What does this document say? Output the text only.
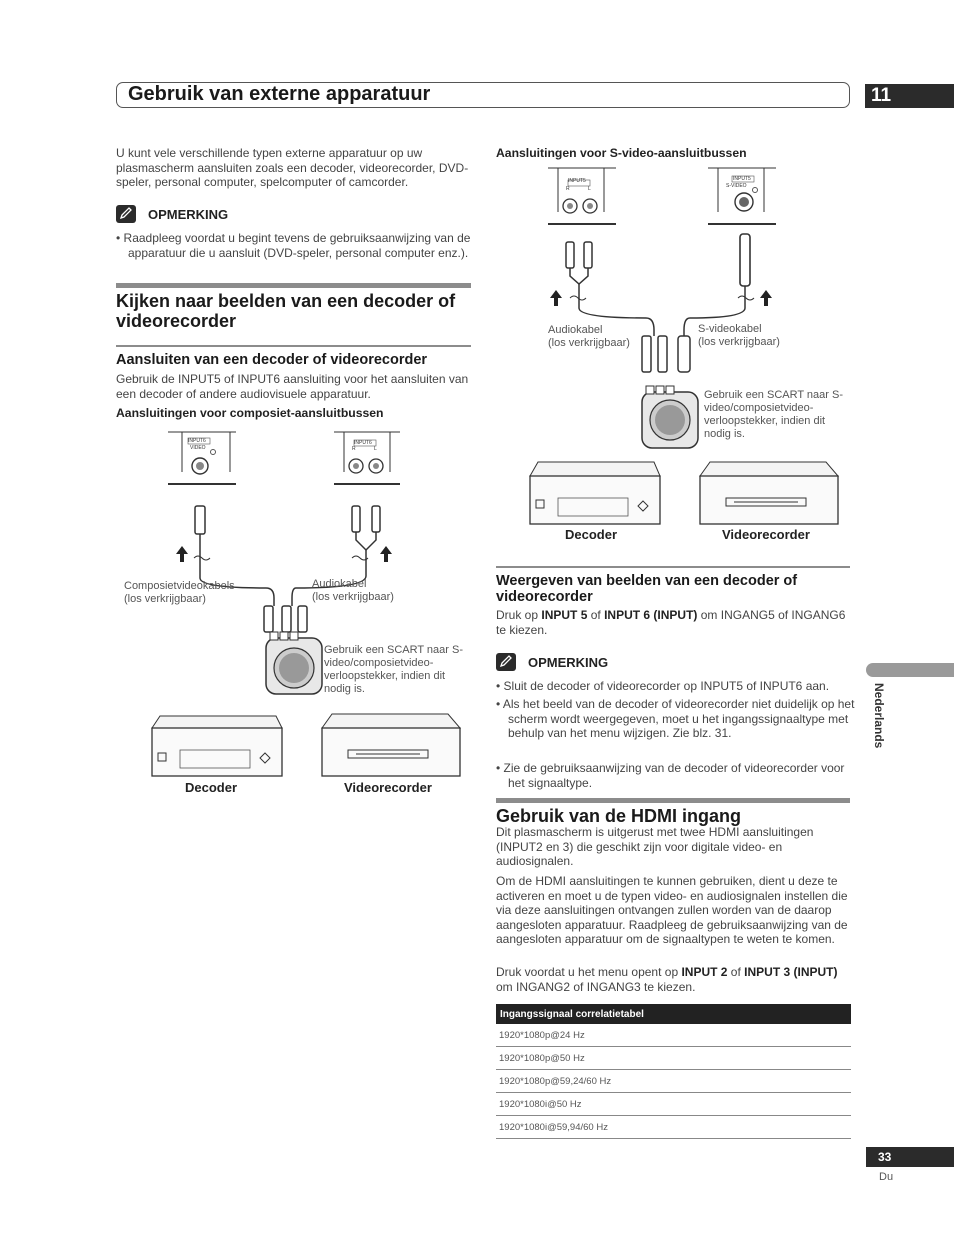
Gebruik van externe apparatuur	11
U kunt vele verschillende typen externe apparatuur op uw plasmascherm aansluiten zoals een decoder, videorecorder, DVD-speler, personal computer, spelcomputer of camcorder.
OPMERKING
• Raadpleeg voordat u begint tevens de gebruiksaanwijzing van de apparatuur die u aansluit (DVD-speler, personal computer enz.).
Kijken naar beelden van een decoder of videorecorder
Aansluiten van een decoder of videorecorder
Gebruik de INPUT5 of INPUT6 aansluiting voor het aansluiten van een decoder of andere audiovisuele apparatuur.
Aansluitingen voor composiet-aansluitbussen
INPUT6
VIDEO
INPUT6
R	L
Composietvideokabels
(los verkrijgbaar)
Audiokabel
(los verkrijgbaar)
Gebruik een SCART naar S-video/composietvideo-verloopstekker, indien dit nodig is.
Decoder	Videorecorder
Aansluitingen voor S-video-aansluitbussen
INPUT5
R	L
INPUT5
S-VIDEO
Audiokabel
(los verkrijgbaar)
S-videokabel
(los verkrijgbaar)
Gebruik een SCART naar S-video/composietvideo-verloopstekker, indien dit nodig is.
Decoder	Videorecorder
Weergeven van beelden van een decoder of videorecorder
Druk op INPUT 5 of INPUT 6 (INPUT) om INGANG5 of INGANG6 te kiezen.
OPMERKING
• Sluit de decoder of videorecorder op INPUT5 of INPUT6 aan.
• Als het beeld van de decoder of videorecorder niet duidelijk op het scherm wordt weergegeven, moet u het ingangssignaaltype met behulp van het menu wijzigen. Zie blz. 31.
• Zie de gebruiksaanwijzing van de decoder of videorecorder voor het signaaltype.
Gebruik van de HDMI ingang
Dit plasmascherm is uitgerust met twee HDMI aansluitingen (INPUT2 en 3) die geschikt zijn voor digitale video- en audiosignalen.
Om de HDMI aansluitingen te kunnen gebruiken, dient u deze te activeren en moet u de typen video- en audiosignalen instellen die via deze aansluitingen ontvangen zullen worden van de daarop aangesloten apparatuur. Raadpleeg de gebruiksaanwijzing van de aangesloten apparatuur om de signaaltypen te weten te komen.
Druk voordat u het menu opent op INPUT 2 of INPUT 3 (INPUT) om INGANG2 of INGANG3 te kiezen.
Ingangssignaal correlatietabel
1920*1080p@24 Hz
1920*1080p@50 Hz
1920*1080p@59,24/60 Hz
1920*1080i@50 Hz
1920*1080i@59,94/60 Hz
Nederlands
33
Du
